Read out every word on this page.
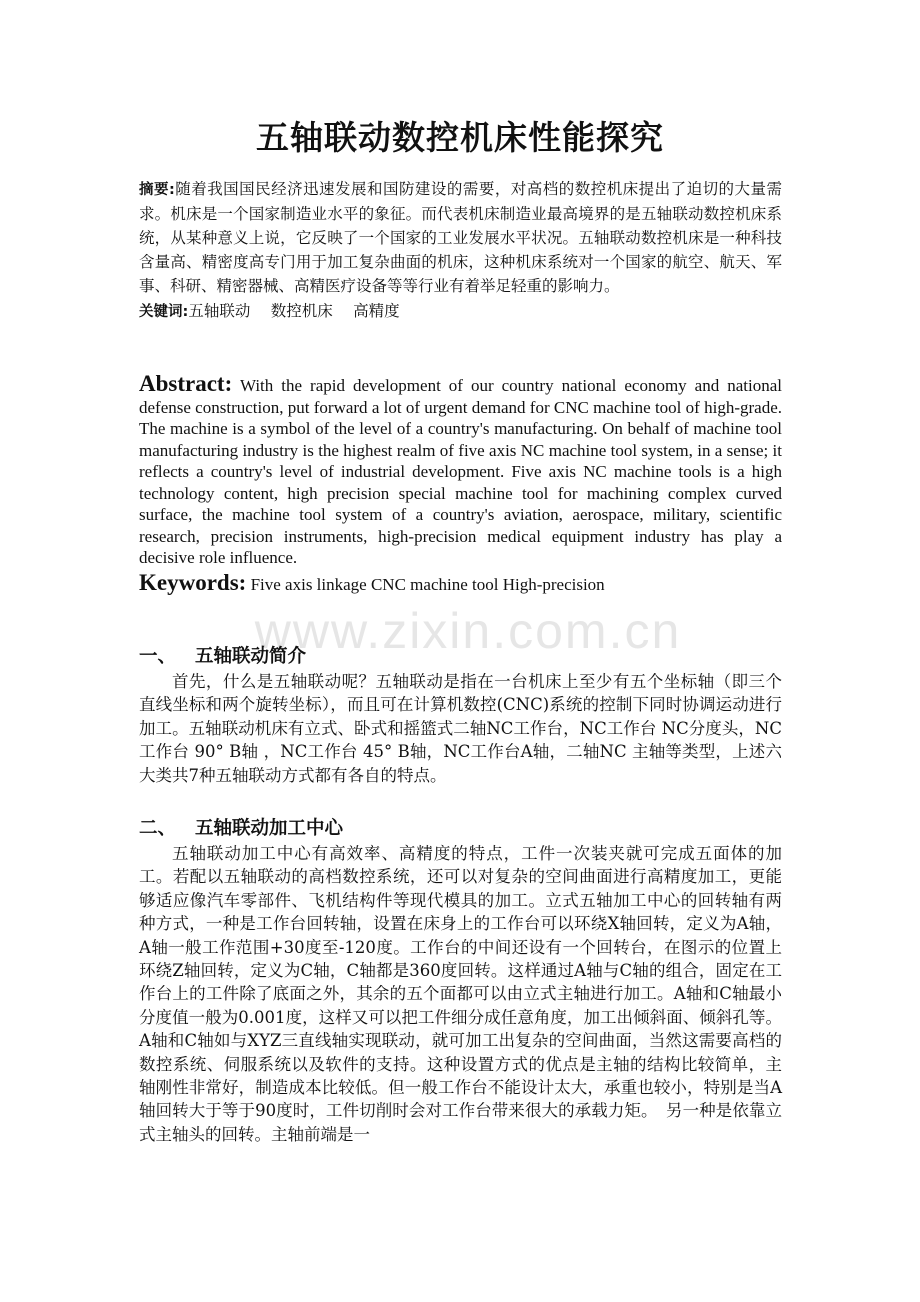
www.zixin.com.cn
五轴联动数控机床性能探究

摘要:随着我国国民经济迅速发展和国防建设的需要，对高档的数控机床提出了迫切的大量需求。机床是一个国家制造业水平的象征。而代表机床制造业最高境界的是五轴联动数控机床系统，从某种意义上说，它反映了一个国家的工业发展水平状况。五轴联动数控机床是一种科技含量高、精密度高专门用于加工复杂曲面的机床，这种机床系统对一个国家的航空、航天、军事、科研、精密器械、高精医疗设备等等行业有着举足轻重的影响力。

关键词:五轴联动　 数控机床　 高精度

Abstract: With the rapid development of our country national economy and national defense construction, put forward a lot of urgent demand for CNC machine tool of high-grade. The machine is a symbol of the level of a country's manufacturing. On behalf of machine tool manufacturing industry is the highest realm of five axis NC machine tool system, in a sense; it reflects a country's level of industrial development. Five axis NC machine tools is a high technology content, high precision special machine tool for machining complex curved surface, the machine tool system of a country's aviation, aerospace, military, scientific research, precision instruments, high-precision medical equipment industry has play a decisive role influence.

Keywords: Five axis linkage CNC machine tool High-precision

一、 五轴联动简介

首先，什么是五轴联动呢？五轴联动是指在一台机床上至少有五个坐标轴（即三个直线坐标和两个旋转坐标），而且可在计算机数控(CNC)系统的控制下同时协调运动进行加工。五轴联动机床有立式、卧式和摇篮式二轴NC工作台，NC工作台 NC分度头，NC工作台 90° B轴 ，NC工作台 45° B轴，NC工作台A轴，二轴NC 主轴等类型，上述六大类共7种五轴联动方式都有各自的特点。

二、 五轴联动加工中心

五轴联动加工中心有高效率、高精度的特点，工件一次装夹就可完成五面体的加工。若配以五轴联动的高档数控系统，还可以对复杂的空间曲面进行高精度加工，更能够适应像汽车零部件、飞机结构件等现代模具的加工。立式五轴加工中心的回转轴有两种方式，一种是工作台回转轴，设置在床身上的工作台可以环绕X轴回转，定义为A轴，A轴一般工作范围+30度至-120度。工作台的中间还设有一个回转台，在图示的位置上环绕Z轴回转，定义为C轴，C轴都是360度回转。这样通过A轴与C轴的组合，固定在工作台上的工件除了底面之外，其余的五个面都可以由立式主轴进行加工。A轴和C轴最小分度值一般为0.001度，这样又可以把工件细分成任意角度，加工出倾斜面、倾斜孔等。A轴和C轴如与XYZ三直线轴实现联动，就可加工出复杂的空间曲面，当然这需要高档的数控系统、伺服系统以及软件的支持。这种设置方式的优点是主轴的结构比较简单，主轴刚性非常好，制造成本比较低。但一般工作台不能设计太大，承重也较小，特别是当A轴回转大于等于90度时，工件切削时会对工作台带来很大的承载力矩。　另一种是依靠立式主轴头的回转。主轴前端是一
